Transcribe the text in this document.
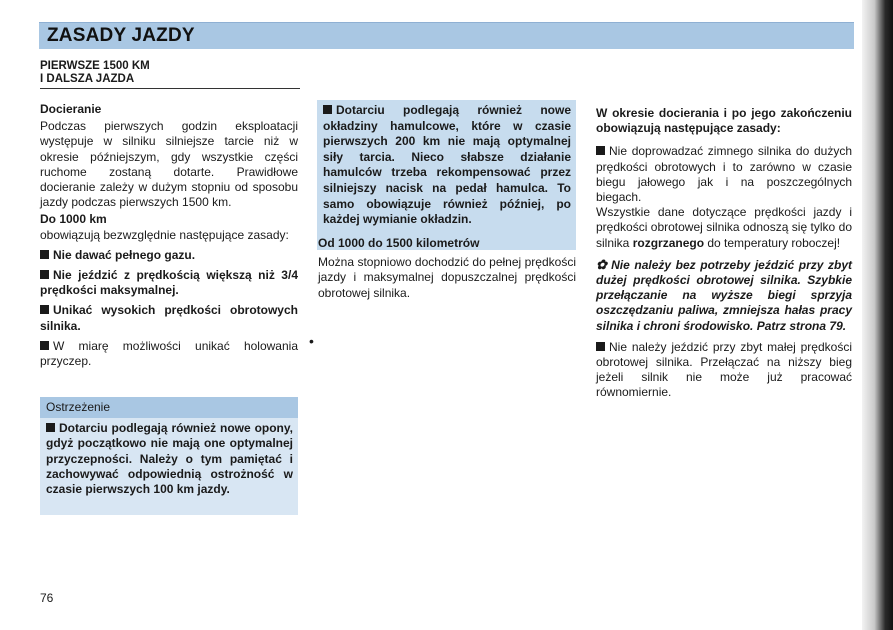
ZASADY JAZDY
PIERWSZE 1500 KM
I DALSZA JAZDA

Docieranie

Podczas pierwszych godzin eksploatacji występuje w silniku silniejsze tarcie niż w okresie późniejszym, gdy wszystkie części ruchome zostaną dotarte. Prawidłowe docieranie zależy w dużym stopniu od sposobu jazdy podczas pierwszych 1500 km.

Do 1000 km

obowiązują bezwzględnie następujące zasady:

Nie dawać pełnego gazu.

Nie jeździć z prędkością większą niż 3/4 prędkości maksymalnej.

Unikać wysokich prędkości obrotowych silnika.

W miarę możliwości unikać holowania przyczep.

Ostrzeżenie
Dotarciu podlegają również nowe opony, gdyż początkowo nie mają one optymalnej przyczepności. Należy o tym pamiętać i zachowywać odpowiednią ostrożność w czasie pierwszych 100 km jazdy.
•
Dotarciu podlegają również nowe okładziny hamulcowe, które w czasie pierwszych 200 km nie mają optymalnej siły tarcia. Nieco słabsze działanie hamulców trzeba rekompensować przez silniejszy nacisk na pedał hamulca. To samo obowiązuje również później, po każdej wymianie okładzin.

Od 1000 do 1500 kilometrów

Można stopniowo dochodzić do pełnej prędkości jazdy i maksymalnej dopuszczalnej prędkości obrotowej silnika.

W okresie docierania i po jego zakończeniu obowiązują następujące zasady:

Nie doprowadzać zimnego silnika do dużych prędkości obrotowych i to zarówno w czasie biegu jałowego jak i na poszczególnych biegach.

Wszystkie dane dotyczące prędkości jazdy i prędkości obrotowej silnika odnoszą się tylko do silnika rozgrzanego do temperatury roboczej!

✿ Nie należy bez potrzeby jeździć przy zbyt dużej prędkości obrotowej silnika. Szybkie przełączanie na wyższe biegi sprzyja oszczędzaniu paliwa, zmniejsza hałas pracy silnika i chroni środowisko. Patrz strona 79.

Nie należy jeździć przy zbyt małej prędkości obrotowej silnika. Przełączać na niższy bieg jeżeli silnik nie może już pracować równomiernie.

76
